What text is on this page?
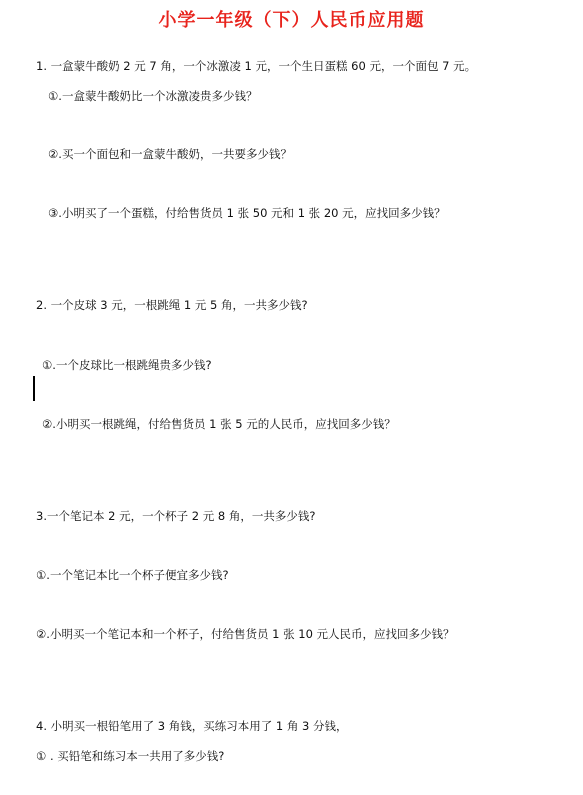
小学一年级（下）人民币应用题
1. 一盒蒙牛酸奶 2 元 7 角，一个冰激凌 1 元，一个生日蛋糕 60 元，一个面包 7 元。
①.一盒蒙牛酸奶比一个冰激凌贵多少钱？
②.买一个面包和一盒蒙牛酸奶，一共要多少钱？
③.小明买了一个蛋糕，付给售货员 1 张 50 元和 1 张 20 元，应找回多少钱？
2. 一个皮球 3 元，一根跳绳 1 元 5 角，一共多少钱?
①.一个皮球比一根跳绳贵多少钱?
②.小明买一根跳绳，付给售货员 1 张 5 元的人民币，应找回多少钱？
3.一个笔记本 2 元，一个杯子 2 元 8 角，一共多少钱?
①.一个笔记本比一个杯子便宜多少钱?
②.小明买一个笔记本和一个杯子，付给售货员 1 张 10 元人民币，应找回多少钱？
4. 小明买一根铅笔用了 3 角钱，买练习本用了 1 角 3 分钱，
① . 买铅笔和练习本一共用了多少钱?
